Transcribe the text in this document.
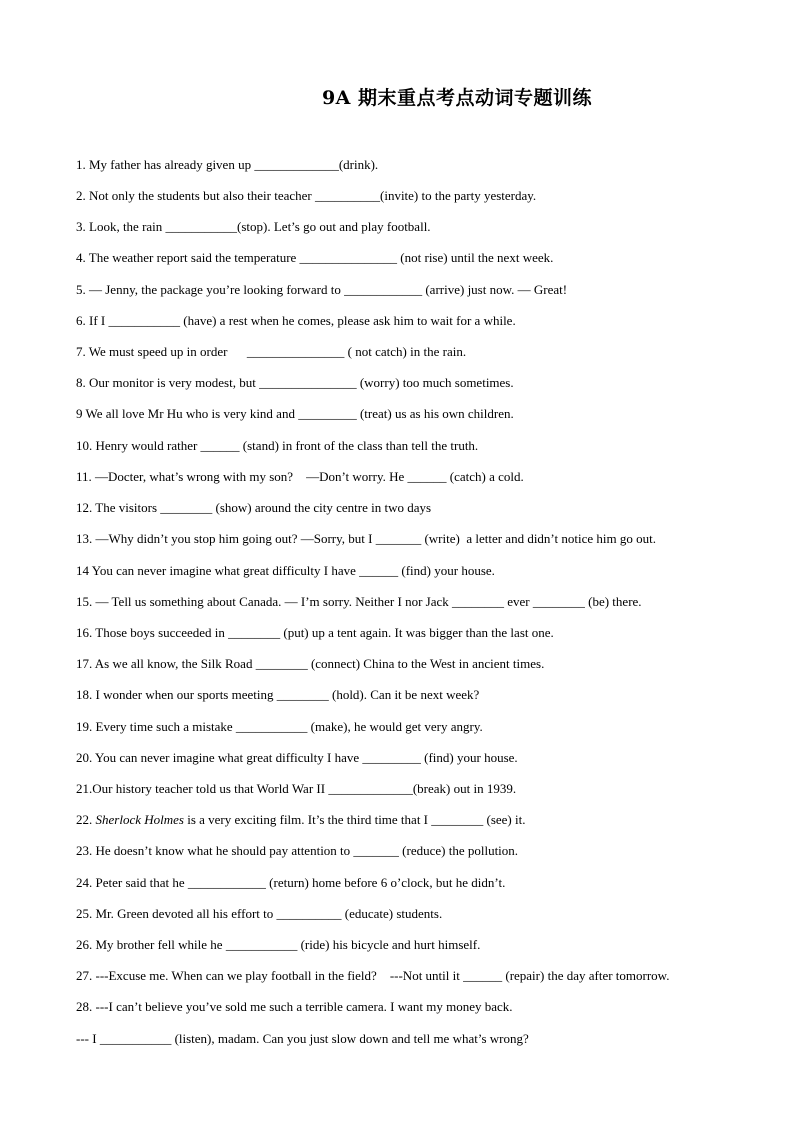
9A 期末重点考点动词专题训练
1. My father has already given up _____________(drink).
2. Not only the students but also their teacher __________(invite) to the party yesterday.
3. Look, the rain ___________(stop). Let’s go out and play football.
4. The weather report said the temperature _______________ (not rise) until the next week.
5. — Jenny, the package you’re looking forward to ____________ (arrive) just now. — Great!
6. If I ___________ (have) a rest when he comes, please ask him to wait for a while.
7. We must speed up in order      _______________ ( not catch) in the rain.
8. Our monitor is very modest, but _______________ (worry) too much sometimes.
9 We all love Mr Hu who is very kind and _________ (treat) us as his own children.
10. Henry would rather ______ (stand) in front of the class than tell the truth.
11. —Docter, what’s wrong with my son?    —Don’t worry. He ______ (catch) a cold.
12. The visitors ________ (show) around the city centre in two days
13. —Why didn’t you stop him going out? —Sorry, but I _______ (write)  a letter and didn’t notice him go out.
14 You can never imagine what great difficulty I have ______ (find) your house.
15. — Tell us something about Canada. — I’m sorry. Neither I nor Jack ________ ever ________ (be) there.
16. Those boys succeeded in ________ (put) up a tent again. It was bigger than the last one.
17. As we all know, the Silk Road ________ (connect) China to the West in ancient times.
18. I wonder when our sports meeting ________ (hold). Can it be next week?
19. Every time such a mistake ___________ (make), he would get very angry.
20. You can never imagine what great difficulty I have _________ (find) your house.
21.Our history teacher told us that World War II _____________(break) out in 1939.
22. Sherlock Holmes is a very exciting film. It’s the third time that I ________ (see) it.
23. He doesn’t know what he should pay attention to _______ (reduce) the pollution.
24. Peter said that he ____________ (return) home before 6 o’clock, but he didn’t.
25. Mr. Green devoted all his effort to __________ (educate) students.
26. My brother fell while he ___________ (ride) his bicycle and hurt himself.
27. ---Excuse me. When can we play football in the field?    ---Not until it ______ (repair) the day after tomorrow.
28. ---I can’t believe you’ve sold me such a terrible camera. I want my money back.
--- I ___________ (listen), madam. Can you just slow down and tell me what’s wrong?
